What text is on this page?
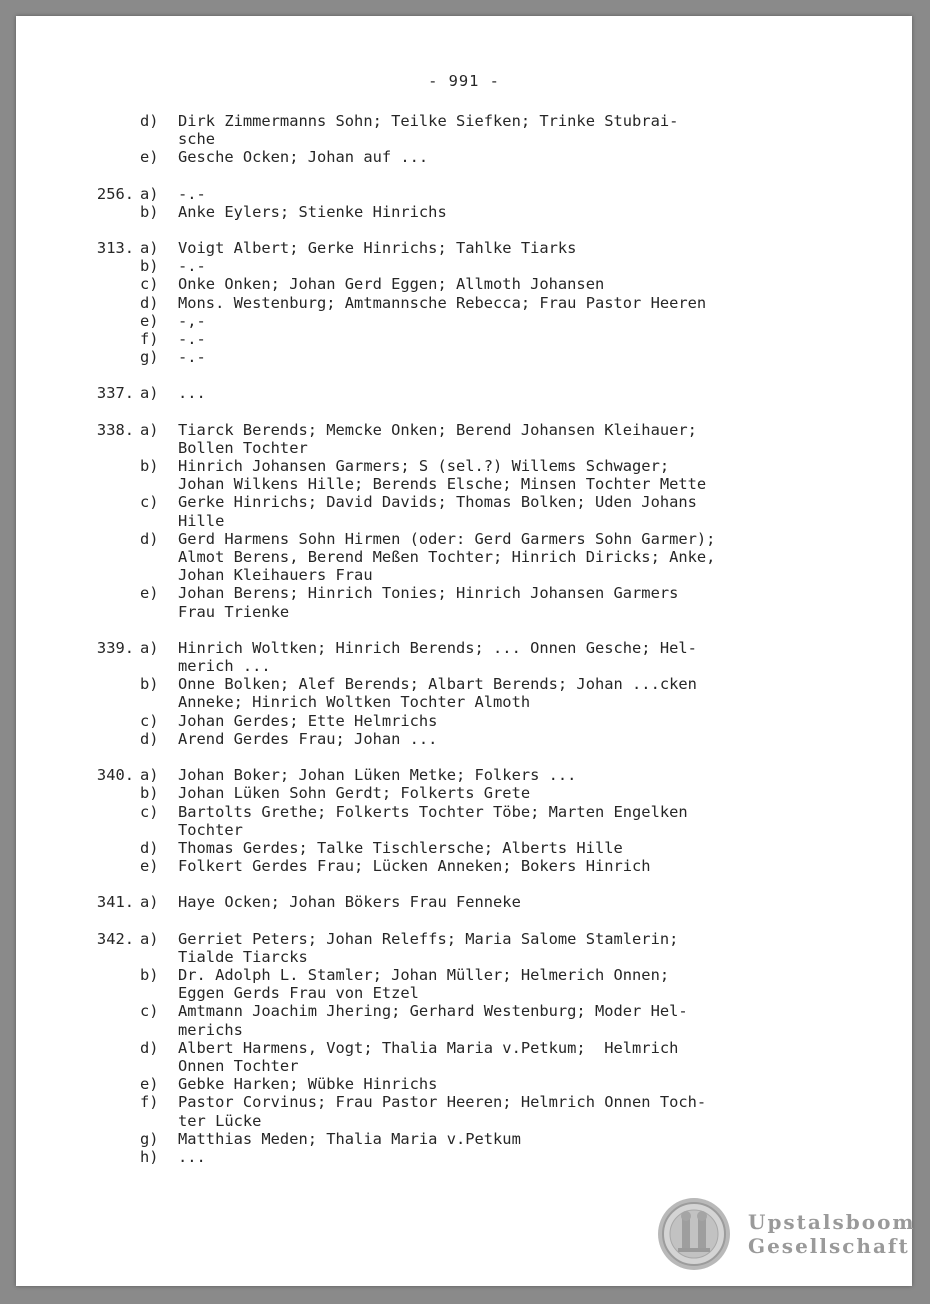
- 991 -
d)	Dirk Zimmermanns Sohn; Teilke Siefken; Trinke Stubrai-
sche
e)	Gesche Ocken; Johan auf ...
256. a)	-.-
b)	Anke Eylers; Stienke Hinrichs
313. a)	Voigt Albert; Gerke Hinrichs; Tahlke Tiarks
b)	-.-
c)	Onke Onken; Johan Gerd Eggen; Allmoth Johansen
d)	Mons. Westenburg; Amtmannsche Rebecca; Frau Pastor Heeren
e)	-,-
f)	-.-
g)	-.-
337. a)	...
338. a)	Tiarck Berends; Memcke Onken; Berend Johansen Kleihauer;
Bollen Tochter
b)	Hinrich Johansen Garmers; S (sel.?) Willems Schwager;
Johan Wilkens Hille; Berends Elsche; Minsen Tochter Mette
c)	Gerke Hinrichs; David Davids; Thomas Bolken; Uden Johans
Hille
d)	Gerd Harmens Sohn Hirmen (oder: Gerd Garmers Sohn Garmer);
Almot Berens, Berend Meßen Tochter; Hinrich Diricks; Anke,
Johan Kleihauers Frau
e)	Johan Berens; Hinrich Tonies; Hinrich Johansen Garmers
Frau Trienke
339. a)	Hinrich Woltken; Hinrich Berends; ... Onnen Gesche; Hel-
merich ...
b)	Onne Bolken; Alef Berends; Albart Berends; Johan ...cken
Anneke; Hinrich Woltken Tochter Almoth
c)	Johan Gerdes; Ette Helmrichs
d)	Arend Gerdes Frau; Johan ...
340. a)	Johan Boker; Johan Lüken Metke; Folkers ...
b)	Johan Lüken Sohn Gerdt; Folkerts Grete
c)	Bartolts Grethe; Folkerts Tochter Töbe; Marten Engelken
Tochter
d)	Thomas Gerdes; Talke Tischlersche; Alberts Hille
e)	Folkert Gerdes Frau; Lücken Anneken; Bokers Hinrich
341. a)	Haye Ocken; Johan Bökers Frau Fenneke
342. a)	Gerriet Peters; Johan Releffs; Maria Salome Stamlerin;
Tialde Tiarcks
b)	Dr. Adolph L. Stamler; Johan Müller; Helmerich Onnen;
Eggen Gerds Frau von Etzel
c)	Amtmann Joachim Jhering; Gerhard Westenburg; Moder Hel-
merichs
d)	Albert Harmens, Vogt; Thalia Maria v.Petkum;  Helmrich
Onnen Tochter
e)	Gebke Harken; Wübke Hinrichs
f)	Pastor Corvinus; Frau Pastor Heeren; Helmrich Onnen Toch-
ter Lücke
g)	Matthias Meden; Thalia Maria v.Petkum
h)	...
Upstalsboom
Gesellschaft
